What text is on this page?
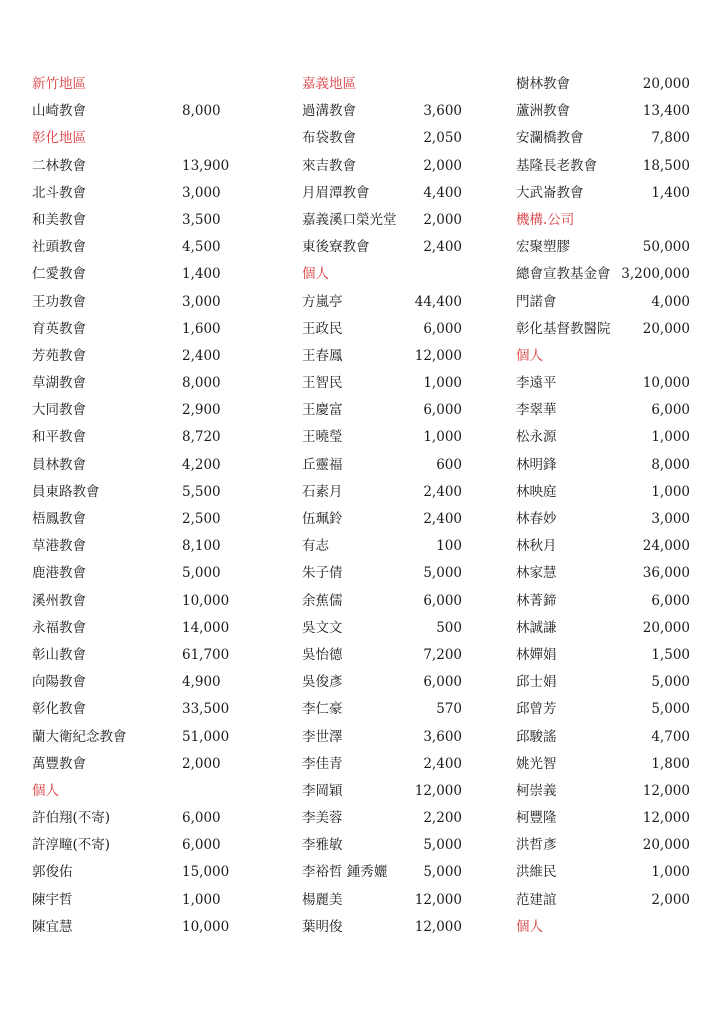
新竹地區
山崎教會	8,000
彰化地區
二林教會	13,900
北斗教會	3,000
和美教會	3,500
社頭教會	4,500
仁愛教會	1,400
王功教會	3,000
育英教會	1,600
芳苑教會	2,400
草湖教會	8,000
大同教會	2,900
和平教會	8,720
員林教會	4,200
員東路教會	5,500
梧鳳教會	2,500
草港教會	8,100
鹿港教會	5,000
溪州教會	10,000
永福教會	14,000
彰山教會	61,700
向陽教會	4,900
彰化教會	33,500
蘭大衛紀念教會	51,000
萬豐教會	2,000
個人
許伯翔(不寄)	6,000
許淳疃(不寄)	6,000
郭俊佑	15,000
陳宇哲	1,000
陳宜慧	10,000
嘉義地區
過溝教會	3,600
布袋教會	2,050
來吉教會	2,000
月眉潭教會	4,400
嘉義溪口榮光堂 2,000
東後寮教會	2,400
個人
方嵐亭	44,400
王政民	6,000
王春鳳	12,000
王智民	1,000
王慶富	6,000
王曉瑩	1,000
丘靈福	600
石素月	2,400
伍珮鈴	2,400
有志	100
朱子倩	5,000
余蕉儒	6,000
吳文文	500
吳怡德	7,200
吳俊彥	6,000
李仁豪	570
李世澤	3,600
李佳青	2,400
李岡穎	12,000
李美蓉	2,200
李雅敏	5,000
李裕哲 鍾秀孋	5,000
楊麗美	12,000
葉明俊	12,000
樹林教會	20,000
蘆洲教會	13,400
安瀾橋教會	7,800
基隆長老教會	18,500
大武崙教會	1,400
機構.公司
宏聚塑膠	50,000
總會宣教基金會 3,200,000
門諾會	4,000
彰化基督教醫院 20,000
個人
李遠平	10,000
李翠華	6,000
松永源	1,000
林明鋒	8,000
林映庭	1,000
林春妙	3,000
林秋月	24,000
林家慧	36,000
林菁鍗	6,000
林誠謙	20,000
林嬋娟	1,500
邱士娟	5,000
邱曾芳	5,000
邱駿謠	4,700
姚光智	1,800
柯崇義	12,000
柯豐隆	12,000
洪哲彥	20,000
洪維民	1,000
范建誼	2,000
個人
